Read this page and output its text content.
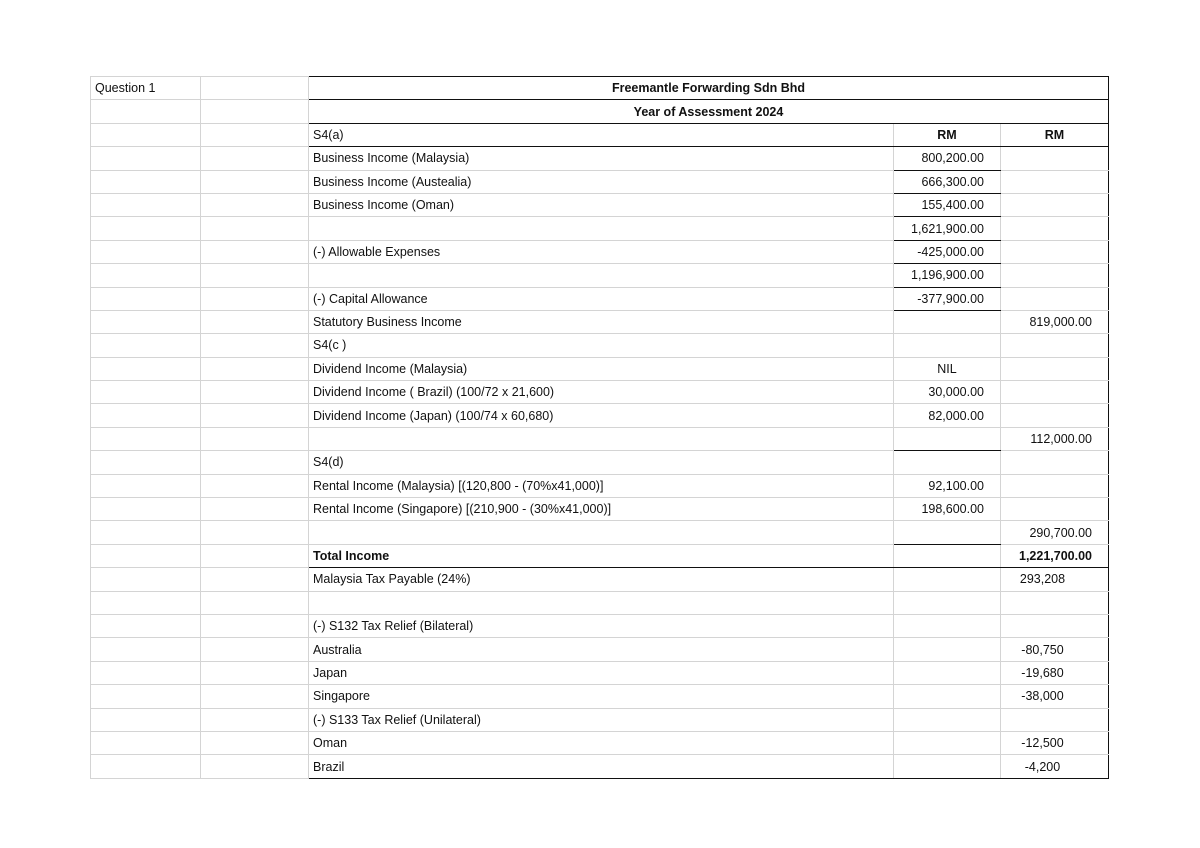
Question 1		Freemantle Forwarding Sdn Bhd		
		Year of Assessment 2024		
		S4(a)	RM	RM
		Business Income (Malaysia)	800,200.00	
		Business Income (Austealia)	666,300.00	
		Business Income (Oman)	155,400.00	
			1,621,900.00	
		(-) Allowable Expenses	-425,000.00	
			1,196,900.00	
		(-) Capital Allowance	-377,900.00	
		Statutory Business Income		819,000.00
		S4(c )		
		Dividend Income (Malaysia)	NIL	
		Dividend Income ( Brazil) (100/72 x 21,600)	30,000.00	
		Dividend Income (Japan) (100/74 x 60,680)	82,000.00	
				112,000.00
		S4(d)		
		Rental Income (Malaysia) [(120,800 - (70%x41,000)]	92,100.00	
		Rental Income (Singapore) [(210,900 - (30%x41,000)]	198,600.00	
				290,700.00
		Total Income		1,221,700.00
		Malaysia Tax Payable (24%)		293,208

		(-) S132 Tax Relief (Bilateral)		
		Australia		-80,750
		Japan		-19,680
		Singapore		-38,000
		(-) S133 Tax Relief (Unilateral)		
		Oman		-12,500
		Brazil		-4,200
